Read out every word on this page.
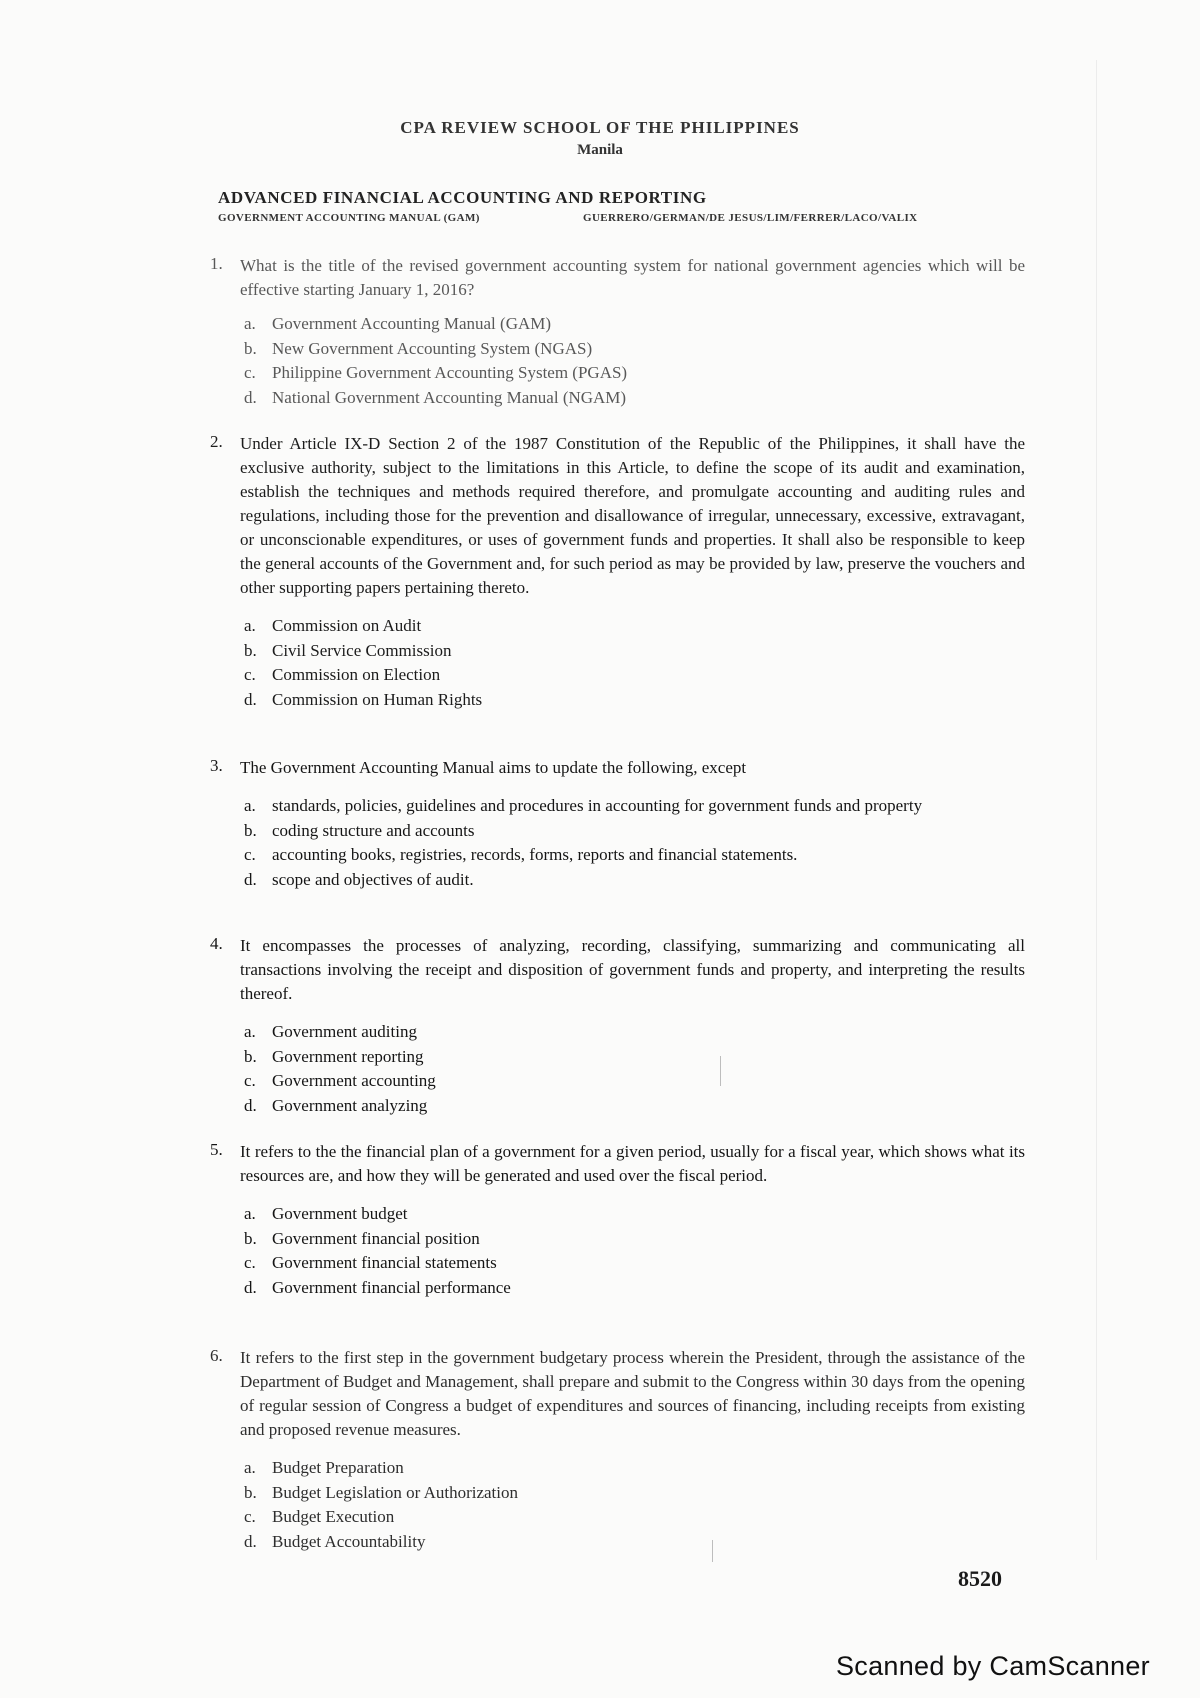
CPA REVIEW SCHOOL OF THE PHILIPPINES
Manila
ADVANCED FINANCIAL ACCOUNTING AND REPORTING
GOVERNMENT ACCOUNTING MANUAL (GAM)	GUERRERO/GERMAN/DE JESUS/LIM/FERRER/LACO/VALIX
1. What is the title of the revised government accounting system for national government agencies which will be effective starting January 1, 2016?
a. Government Accounting Manual (GAM)
b. New Government Accounting System (NGAS)
c. Philippine Government Accounting System (PGAS)
d. National Government Accounting Manual (NGAM)
2. Under Article IX-D Section 2 of the 1987 Constitution of the Republic of the Philippines, it shall have the exclusive authority, subject to the limitations in this Article, to define the scope of its audit and examination, establish the techniques and methods required therefore, and promulgate accounting and auditing rules and regulations, including those for the prevention and disallowance of irregular, unnecessary, excessive, extravagant, or unconscionable expenditures, or uses of government funds and properties. It shall also be responsible to keep the general accounts of the Government and, for such period as may be provided by law, preserve the vouchers and other supporting papers pertaining thereto.
a. Commission on Audit
b. Civil Service Commission
c. Commission on Election
d. Commission on Human Rights
3. The Government Accounting Manual aims to update the following, except
a. standards, policies, guidelines and procedures in accounting for government funds and property
b. coding structure and accounts
c. accounting books, registries, records, forms, reports and financial statements.
d. scope and objectives of audit.
4. It encompasses the processes of analyzing, recording, classifying, summarizing and communicating all transactions involving the receipt and disposition of government funds and property, and interpreting the results thereof.
a. Government auditing
b. Government reporting
c. Government accounting
d. Government analyzing
5. It refers to the the financial plan of a government for a given period, usually for a fiscal year, which shows what its resources are, and how they will be generated and used over the fiscal period.
a. Government budget
b. Government financial position
c. Government financial statements
d. Government financial performance
6. It refers to the first step in the government budgetary process wherein the President, through the assistance of the Department of Budget and Management, shall prepare and submit to the Congress within 30 days from the opening of regular session of Congress a budget of expenditures and sources of financing, including receipts from existing and proposed revenue measures.
a. Budget Preparation
b. Budget Legislation or Authorization
c. Budget Execution
d. Budget Accountability
8520
Scanned by CamScanner
